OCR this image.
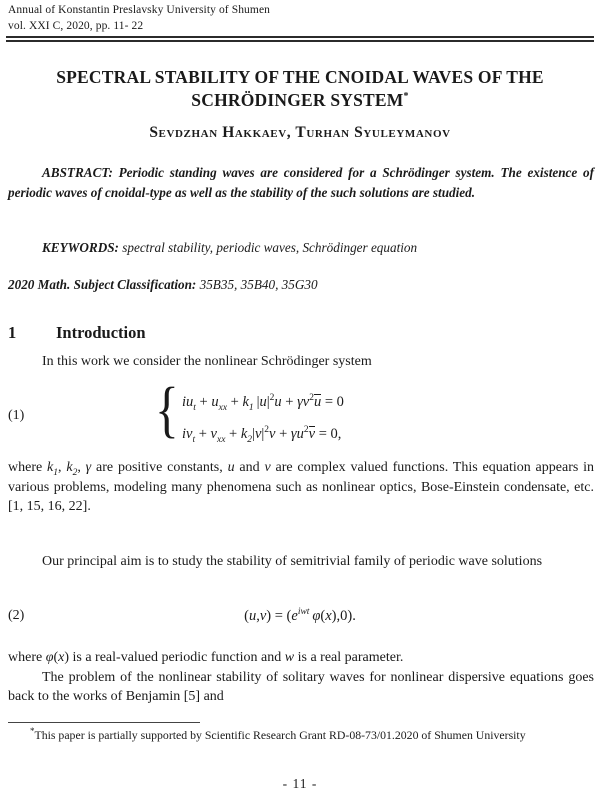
Annual of Konstantin Preslavsky University of Shumen
vol. XXI C, 2020, pp. 11- 22
SPECTRAL STABILITY OF THE CNOIDAL WAVES OF THE
SCHRÖDINGER SYSTEM*
Sevdzhan Hakkaev, Turhan Syuleymanov
ABSTRACT: Periodic standing waves are considered for a Schrödinger system. The existence of periodic waves of cnoidal-type as well as the stability of the such solutions are studied.
KEYWORDS: spectral stability, periodic waves, Schrödinger equation
2020 Math. Subject Classification: 35B35, 35B40, 35G30
1 Introduction
In this work we consider the nonlinear Schrödinger system
(1) { $iu_t + u_{xx} + k_1$ $|u|^2u + \gamma v^2u = 0$
$iv_t + v_{xx} + k_2|v|^2v + \gamma u^2v = 0$,
where $k_1$, $k_2$, γ are positive constants, u and v are complex valued functions. This equation appears in various problems, modeling many phenomena such as nonlinear optics, Bose-Einstein condensate, etc. [1, 15, 16, 22].
Our principal aim is to study the stability of semitrivial family of periodic wave solutions
(2)	$(u,v) = (e^{iwt}$  φ(x),0).
where φ(x) is a real-valued periodic function and w is a real parameter.
The problem of the nonlinear stability of solitary waves for nonlinear dispersive equations goes back to the works of Benjamin [5] and
*This paper is partially supported by Scientific Research Grant RD-08-73/01.2020 of Shumen University
- 11 -
